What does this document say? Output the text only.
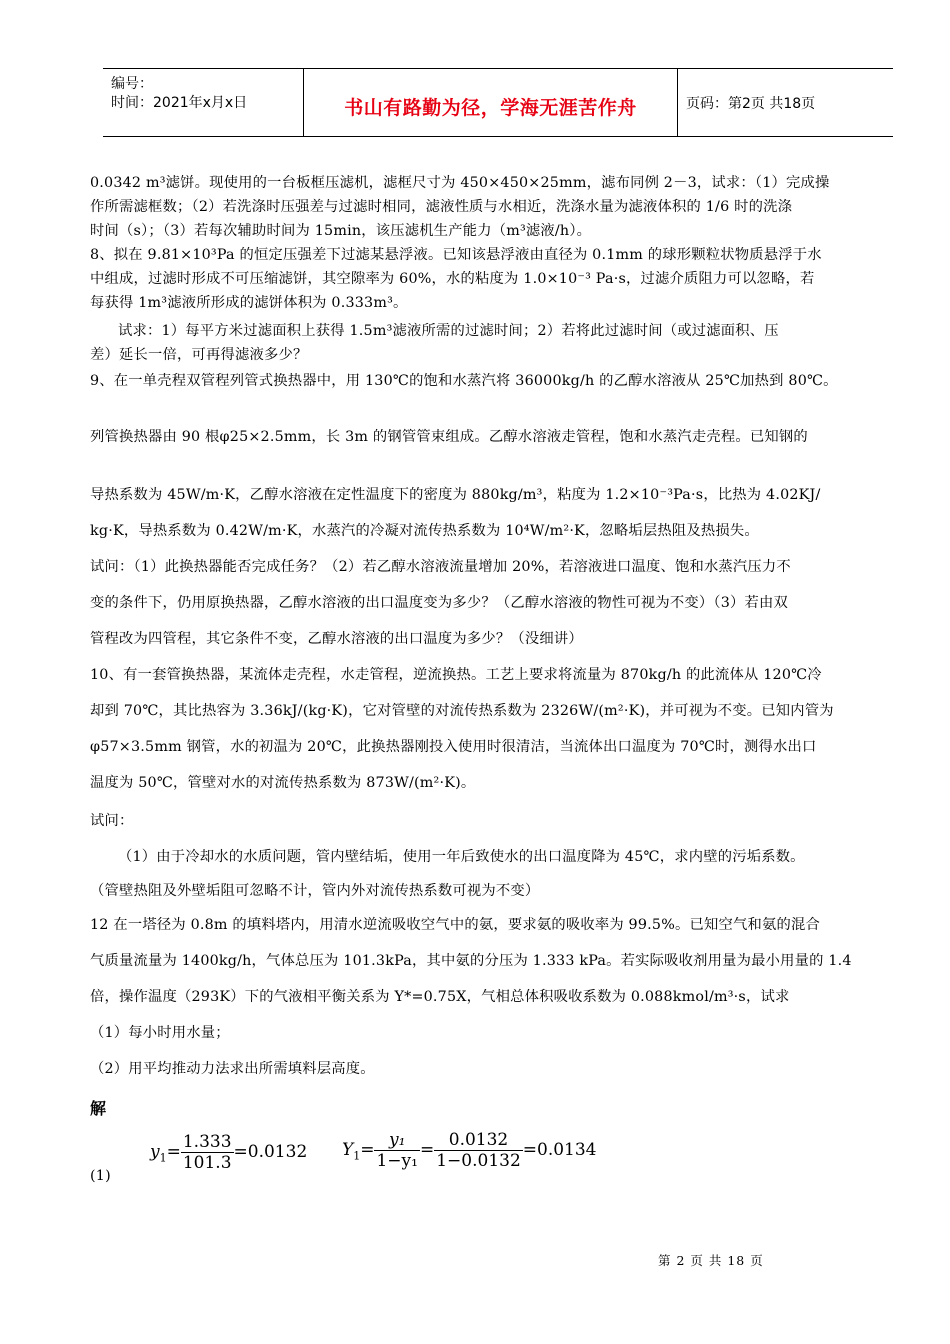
编号：
时间：2021年x月x日	书山有路勤为径，学海无涯苦作舟	页码：第2页 共18页
0.0342 m³滤饼。现使用的一台板框压滤机，滤框尺寸为 450×450×25mm，滤布同例 2－3，试求：（1）完成操
作所需滤框数；（2）若洗涤时压强差与过滤时相同，滤液性质与水相近，洗涤水量为滤液体积的 1/6 时的洗涤
时间（s）；（3）若每次辅助时间为 15min，该压滤机生产能力（m³滤液/h）。
8、拟在 9.81×10³Pa 的恒定压强差下过滤某悬浮液。已知该悬浮液由直径为 0.1mm 的球形颗粒状物质悬浮于水
中组成，过滤时形成不可压缩滤饼，其空隙率为 60%，水的粘度为 1.0×10⁻³ Pa·s，过滤介质阻力可以忽略，若
每获得 1m³滤液所形成的滤饼体积为 0.333m³。
试求：1）每平方米过滤面积上获得 1.5m³滤液所需的过滤时间；2）若将此过滤时间（或过滤面积、压
差）延长一倍，可再得滤液多少？
9、在一单壳程双管程列管式换热器中，用 130℃的饱和水蒸汽将 36000kg/h 的乙醇水溶液从 25℃加热到 80℃。
列管换热器由 90 根φ25×2.5mm，长 3m 的钢管管束组成。乙醇水溶液走管程，饱和水蒸汽走壳程。已知钢的
导热系数为 45W/m·K，乙醇水溶液在定性温度下的密度为 880kg/m³，粘度为 1.2×10⁻³Pa·s，比热为 4.02KJ/
kg·K，导热系数为 0.42W/m·K，水蒸汽的冷凝对流传热系数为 10⁴W/m²·K，忽略垢层热阻及热损失。
试问：（1）此换热器能否完成任务？（2）若乙醇水溶液流量增加 20%，若溶液进口温度、饱和水蒸汽压力不
变的条件下，仍用原换热器，乙醇水溶液的出口温度变为多少？（乙醇水溶液的物性可视为不变）（3）若由双
管程改为四管程，其它条件不变，乙醇水溶液的出口温度为多少？（没细讲）
10、有一套管换热器，某流体走壳程，水走管程，逆流换热。工艺上要求将流量为 870kg/h 的此流体从 120℃冷
却到 70℃，其比热容为 3.36kJ/(kg·K)，它对管壁的对流传热系数为 2326W/(m²·K)，并可视为不变。已知内管为
φ57×3.5mm 钢管，水的初温为 20℃，此换热器刚投入使用时很清洁，当流体出口温度为 70℃时，测得水出口
温度为 50℃，管壁对水的对流传热系数为 873W/(m²·K)。
试问：
（1）由于冷却水的水质问题，管内壁结垢，使用一年后致使水的出口温度降为 45℃，求内壁的污垢系数。
（管壁热阻及外壁垢阻可忽略不计，管内外对流传热系数可视为不变）
12 在一塔径为 0.8m 的填料塔内，用清水逆流吸收空气中的氨，要求氨的吸收率为 99.5%。已知空气和氨的混合
气质量流量为 1400kg/h，气体总压为 101.3kPa，其中氨的分压为 1.333 kPa。若实际吸收剂用量为最小用量的 1.4
倍，操作温度（293K）下的气液相平衡关系为 Y*=0.75X，气相总体积吸收系数为 0.088kmol/m³·s，试求
（1）每小时用水量；
（2）用平均推动力法求出所需填料层高度。
解
(1)
$y_1= \frac{1.333}{101.3} =0.0132$ $Y_1= \frac{\text{y₁}}{\text{1−y₁}} = \frac{0.0132}{1-0.0132} =0.0134$
第 2 页 共 18 页
